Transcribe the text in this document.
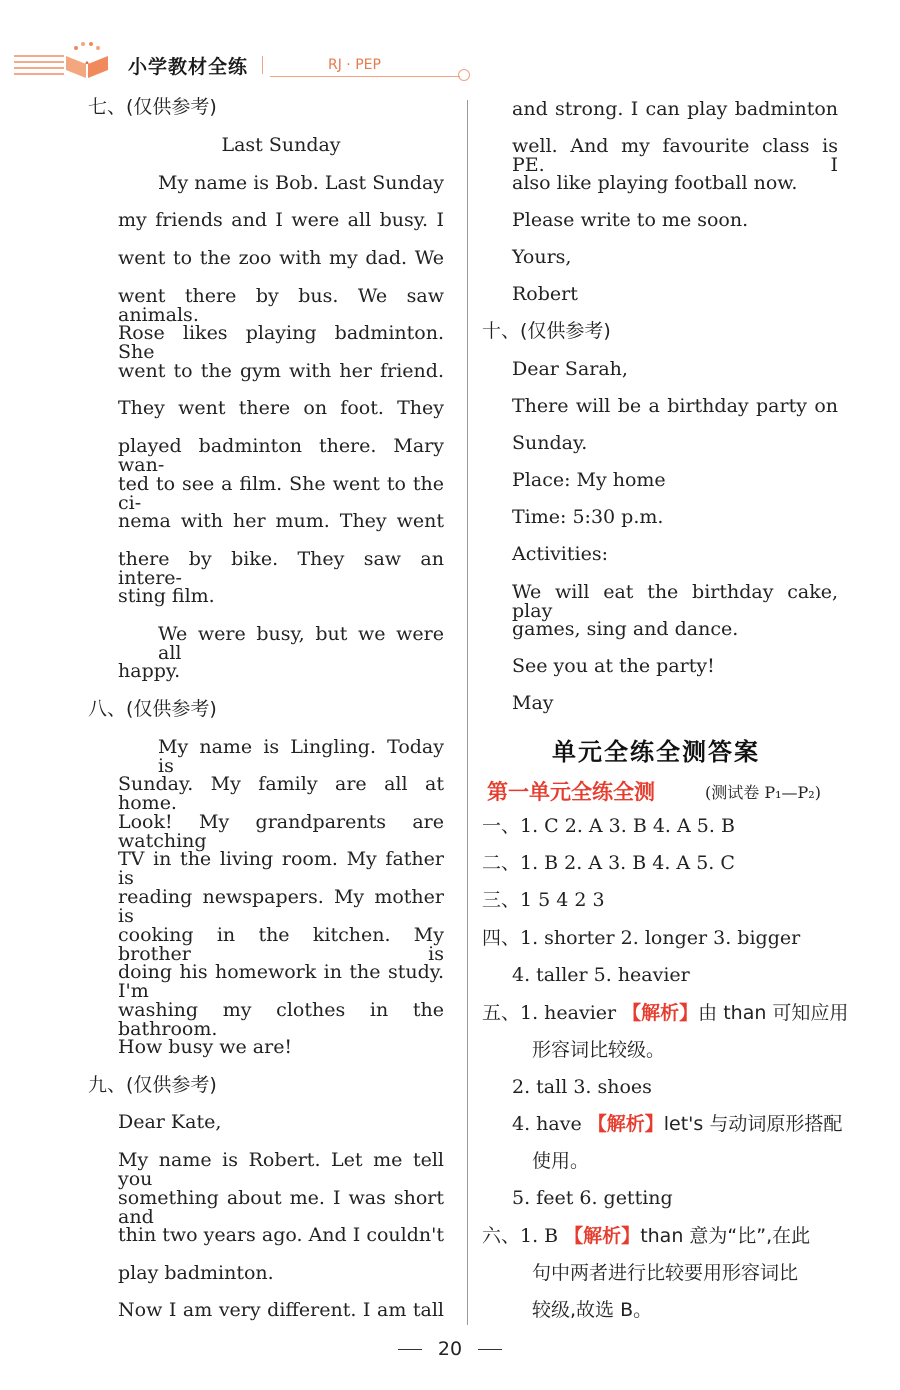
小学教材全练	RJ · PEP
七、(仅供参考)
Last Sunday
My name is Bob. Last Sunday
my friends and I were all busy. I
went to the zoo with my dad. We
went there by bus. We saw animals.
Rose likes playing badminton. She
went to the gym with her friend.
They went there on foot. They
played badminton there. Mary wan-
ted to see a film. She went to the ci-
nema with her mum. They went
there by bike. They saw an intere-
sting film.
We were busy, but we were all
happy.
八、(仅供参考)
My name is Lingling. Today is
Sunday. My family are all at home.
Look! My grandparents are watching
TV in the living room. My father is
reading newspapers. My mother is
cooking in the kitchen. My brother is
doing his homework in the study. I'm
washing my clothes in the bathroom.
How busy we are!
九、(仅供参考)
Dear Kate,
My name is Robert. Let me tell you
something about me. I was short and
thin two years ago. And I couldn't
play badminton.
Now I am very different. I am tall
and strong. I can play badminton
well. And my favourite class is PE. I
also like playing football now.
Please write to me soon.
Yours,
Robert
十、(仅供参考)
Dear Sarah,
There will be a birthday party on
Sunday.
Place: My home
Time: 5:30 p.m.
Activities:
We will eat the birthday cake, play
games, sing and dance.
See you at the party!
May
单元全练全测答案
第一单元全练全测	(测试卷 P₁—P₂)
一、1. C 2. A 3. B 4. A 5. B
二、1. B 2. A 3. B 4. A 5. C
三、1 5 4 2 3
四、1. shorter 2. longer 3. bigger
4. taller 5. heavier
五、1. heavier 【解析】由 than 可知应用
形容词比较级。
2. tall 3. shoes
4. have 【解析】let's 与动词原形搭配
使用。
5. feet 6. getting
六、1. B 【解析】than 意为“比”,在此
句中两者进行比较要用形容词比
较级,故选 B。
20
